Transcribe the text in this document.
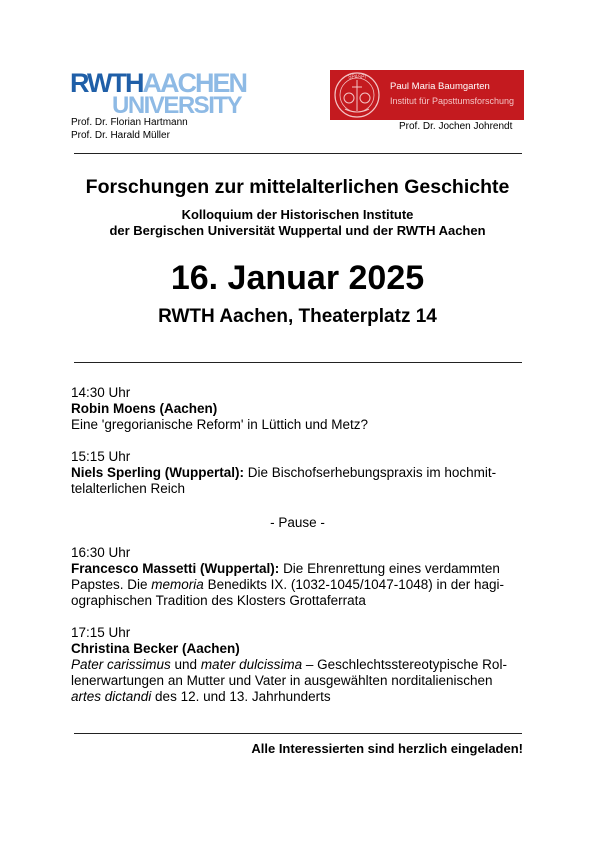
RWTHAACHEN
UNIVERSITY
Prof. Dr. Florian Hartmann
Prof. Dr. Harald Müller
SPASPI
Paul Maria Baumgarten
Institut für Papsttumsforschung
Prof. Dr. Jochen Johrendt
Forschungen zur mittelalterlichen Geschichte
Kolloquium der Historischen Institute
der Bergischen Universität Wuppertal und der RWTH Aachen
16. Januar 2025
RWTH Aachen, Theaterplatz 14
14:30 Uhr
Robin Moens (Aachen)
Eine 'gregorianische Reform' in Lüttich und Metz?
15:15 Uhr
Niels Sperling (Wuppertal): Die Bischofserhebungspraxis im hochmit-
telalterlichen Reich
- Pause -
16:30 Uhr
Francesco Massetti (Wuppertal): Die Ehrenrettung eines verdammten
Papstes. Die memoria Benedikts IX. (1032-1045/1047-1048) in der hagi-
ographischen Tradition des Klosters Grottaferrata
17:15 Uhr
Christina Becker (Aachen)
Pater carissimus und mater dulcissima – Geschlechtsstereotypische Rol-
lenerwartungen an Mutter und Vater in ausgewählten norditalienischen
artes dictandi des 12. und 13. Jahrhunderts
Alle Interessierten sind herzlich eingeladen!
